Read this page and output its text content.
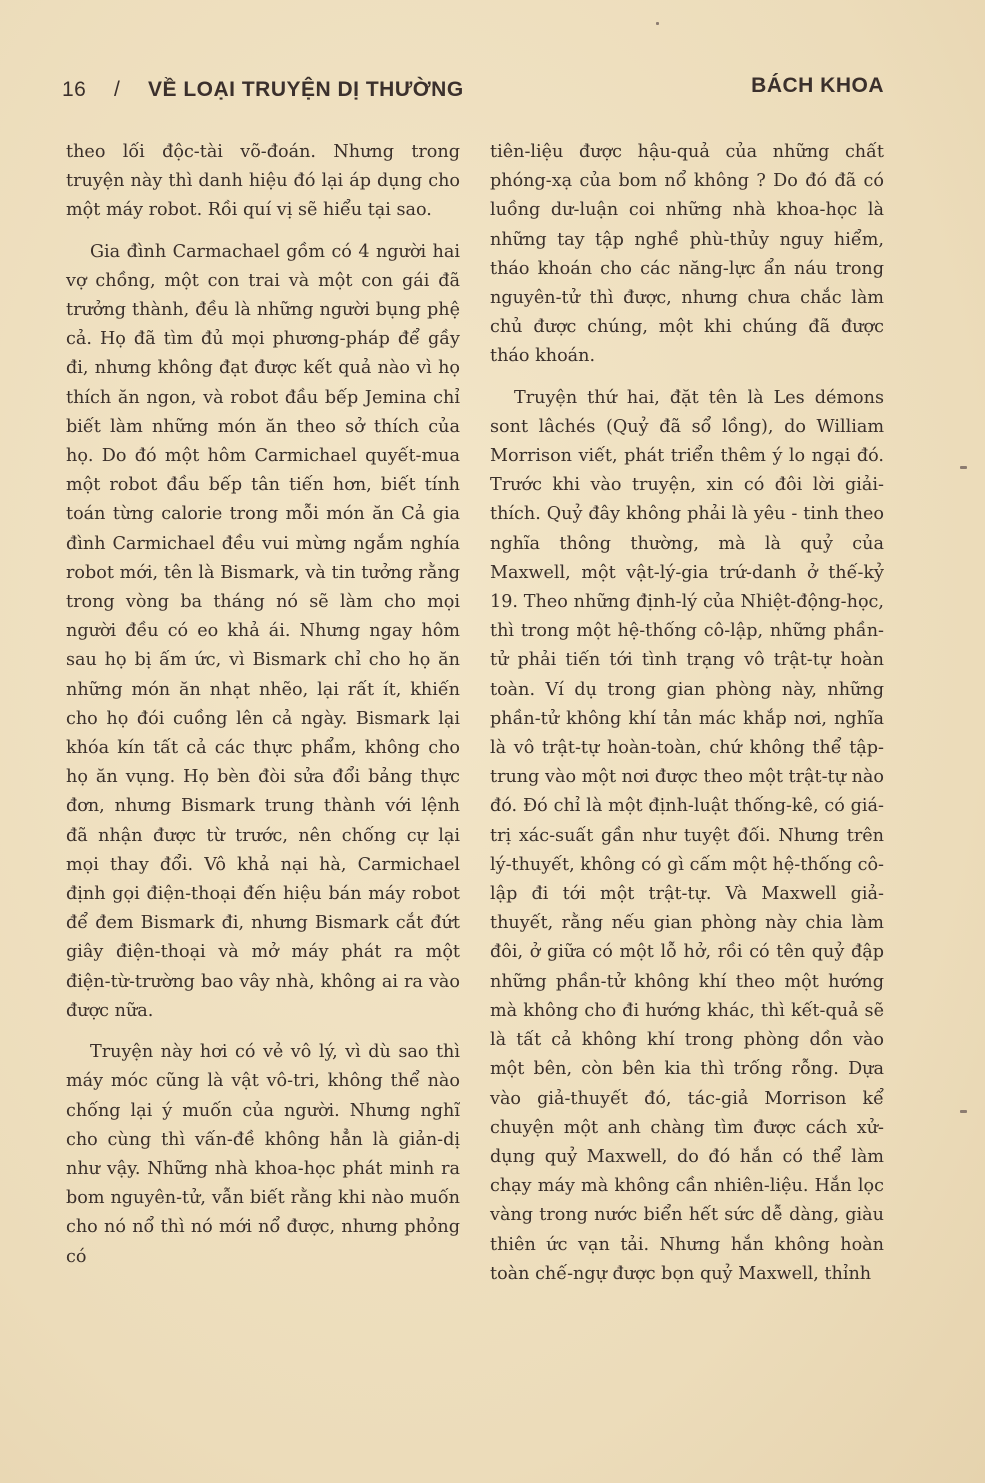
16 / VỀ LOẠI TRUYỆN DỊ THƯỜNG	BÁCH KHOA

theo lối độc-tài võ-đoán. Nhưng trong truyện này thì danh hiệu đó lại áp dụng cho một máy robot. Rồi quí vị sẽ hiểu tại sao.

Gia đình Carmachael gồm có 4 người hai vợ chồng, một con trai và một con gái đã trưởng thành, đều là những người bụng phệ cả. Họ đã tìm đủ mọi phương-pháp để gầy đi, nhưng không đạt được kết quả nào vì họ thích ăn ngon, và robot đầu bếp Jemina chỉ biết làm những món ăn theo sở thích của họ. Do đó một hôm Carmichael quyết-mua một robot đầu bếp tân tiến hơn, biết tính toán từng calorie trong mỗi món ăn Cả gia đình Carmichael đều vui mừng ngắm nghía robot mới, tên là Bismark, và tin tưởng rằng trong vòng ba tháng nó sẽ làm cho mọi người đều có eo khả ái. Nhưng ngay hôm sau họ bị ấm ức, vì Bismark chỉ cho họ ăn những món ăn nhạt nhẽo, lại rất ít, khiến cho họ đói cuồng lên cả ngày. Bismark lại khóa kín tất cả các thực phẩm, không cho họ ăn vụng. Họ bèn đòi sửa đổi bảng thực đơn, nhưng Bismark trung thành với lệnh đã nhận được từ trước, nên chống cự lại mọi thay đổi. Vô khả nại hà, Carmichael định gọi điện-thoại đến hiệu bán máy robot để đem Bismark đi, nhưng Bismark cắt đứt giây điện-thoại và mở máy phát ra một điện-từ-trường bao vây nhà, không ai ra vào được nữa.

Truyện này hơi có vẻ vô lý, vì dù sao thì máy móc cũng là vật vô-tri, không thể nào chống lại ý muốn của người. Nhưng nghĩ cho cùng thì vấn-đề không hẳn là giản-dị như vậy. Những nhà khoa-học phát minh ra bom nguyên-tử, vẫn biết rằng khi nào muốn cho nó nổ thì nó mới nổ được, nhưng phỏng có

tiên-liệu được hậu-quả của những chất phóng-xạ của bom nổ không ? Do đó đã có luồng dư-luận coi những nhà khoa-học là những tay tập nghề phù-thủy nguy hiểm, tháo khoán cho các năng-lực ẩn náu trong nguyên-tử thì được, nhưng chưa chắc làm chủ được chúng, một khi chúng đã được tháo khoán.

Truyện thứ hai, đặt tên là Les démons sont lâchés (Quỷ đã sổ lồng), do William Morrison viết, phát triển thêm ý lo ngại đó. Trước khi vào truyện, xin có đôi lời giải-thích. Quỷ đây không phải là yêu - tinh theo nghĩa thông thường, mà là quỷ của Maxwell, một vật-lý-gia trứ-danh ở thế-kỷ 19. Theo những định-lý của Nhiệt-động-học, thì trong một hệ-thống cô-lập, những phần-tử phải tiến tới tình trạng vô trật-tự hoàn toàn. Ví dụ trong gian phòng này, những phần-tử không khí tản mác khắp nơi, nghĩa là vô trật-tự hoàn-toàn, chứ không thể tập-trung vào một nơi được theo một trật-tự nào đó. Đó chỉ là một định-luật thống-kê, có giá-trị xác-suất gần như tuyệt đối. Nhưng trên lý-thuyết, không có gì cấm một hệ-thống cô-lập đi tới một trật-tự. Và Maxwell giả-thuyết, rằng nếu gian phòng này chia làm đôi, ở giữa có một lỗ hở, rồi có tên quỷ đập những phần-tử không khí theo một hướng mà không cho đi hướng khác, thì kết-quả sẽ là tất cả không khí trong phòng dồn vào một bên, còn bên kia thì trống rỗng. Dựa vào giả-thuyết đó, tác-giả Morrison kể chuyện một anh chàng tìm được cách xử-dụng quỷ Maxwell, do đó hắn có thể làm chạy máy mà không cần nhiên-liệu. Hắn lọc vàng trong nước biển hết sức dễ dàng, giàu thiên ức vạn tải. Nhưng hắn không hoàn toàn chế-ngự được bọn quỷ Maxwell, thỉnh
